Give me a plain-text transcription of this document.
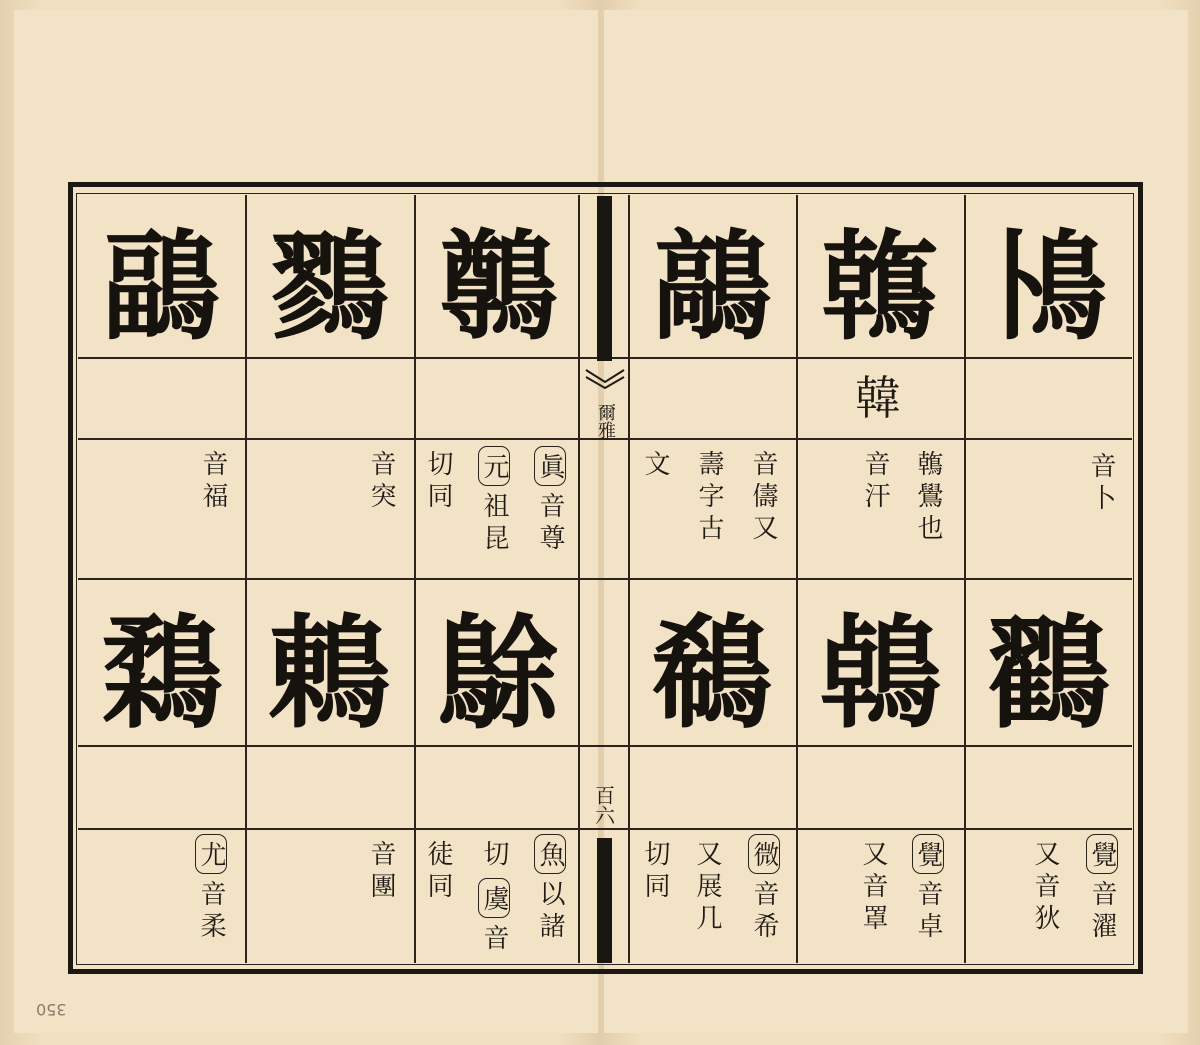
350
爾雅
百六
鳪
鶾
鶮
鷷
鷚
鶝
音卜
韓
鶾鷽也
音汗
音儔又
壽字古
文
眞音尊
元祖昆
切同
音突
音福
鸐
鵫
鵗
鵌
鶇
鶔
覺音濯
又音狄
覺音卓
又音罩
微音希
又展几
切同
魚以諸
切虞音
徒同
音團
尤音柔
